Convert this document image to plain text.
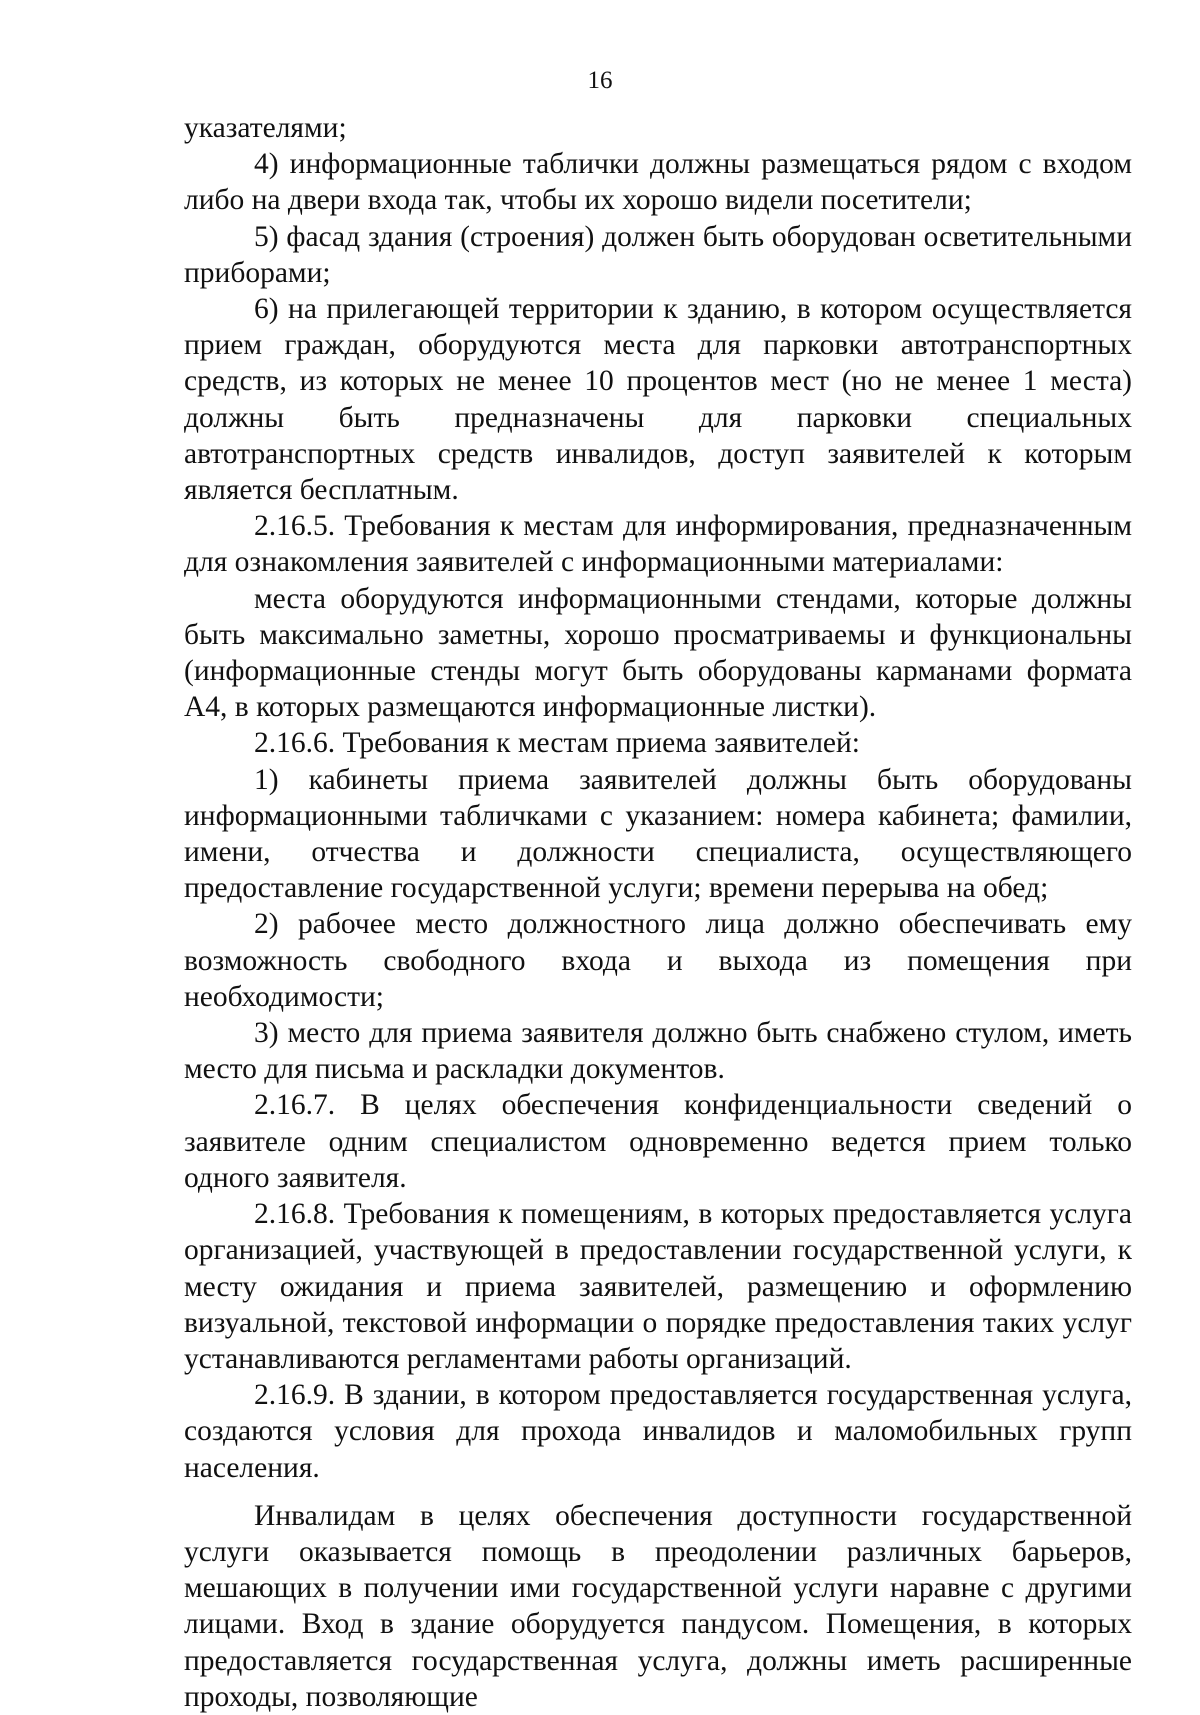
16

указателями;

4) информационные таблички должны размещаться рядом с входом либо на двери входа так, чтобы их хорошо видели посетители;

5) фасад здания (строения) должен быть оборудован осветительными приборами;

6) на прилегающей территории к зданию, в котором осуществляется прием граждан, оборудуются места для парковки автотранспортных средств, из которых не менее 10 процентов мест (но не менее 1 места) должны быть предназначены для парковки специальных автотранспортных средств инвалидов, доступ заявителей к которым является бесплатным.

2.16.5. Требования к местам для информирования, предназначенным для ознакомления заявителей с информационными материалами:

места оборудуются информационными стендами, которые должны быть максимально заметны, хорошо просматриваемы и функциональны (информационные стенды могут быть оборудованы карманами формата А4, в которых размещаются информационные листки).

2.16.6. Требования к местам приема заявителей:

1) кабинеты приема заявителей должны быть оборудованы информационными табличками с указанием: номера кабинета; фамилии, имени, отчества и должности специалиста, осуществляющего предоставление государственной услуги; времени перерыва на обед;

2) рабочее место должностного лица должно обеспечивать ему возможность свободного входа и выхода из помещения при необходимости;

3) место для приема заявителя должно быть снабжено стулом, иметь место для письма и раскладки документов.

2.16.7. В целях обеспечения конфиденциальности сведений о заявителе одним специалистом одновременно ведется прием только одного заявителя.

2.16.8. Требования к помещениям, в которых предоставляется услуга организацией, участвующей в предоставлении государственной услуги, к месту ожидания и приема заявителей, размещению и оформлению визуальной, текстовой информации о порядке предоставления таких услуг устанавливаются регламентами работы организаций.

2.16.9. В здании, в котором предоставляется государственная услуга, создаются условия для прохода инвалидов и маломобильных групп населения.

Инвалидам в целях обеспечения доступности государственной услуги оказывается помощь в преодолении различных барьеров, мешающих в получении ими государственной услуги наравне с другими лицами. Вход в здание оборудуется пандусом. Помещения, в которых предоставляется государственная услуга, должны иметь расширенные проходы, позволяющие
